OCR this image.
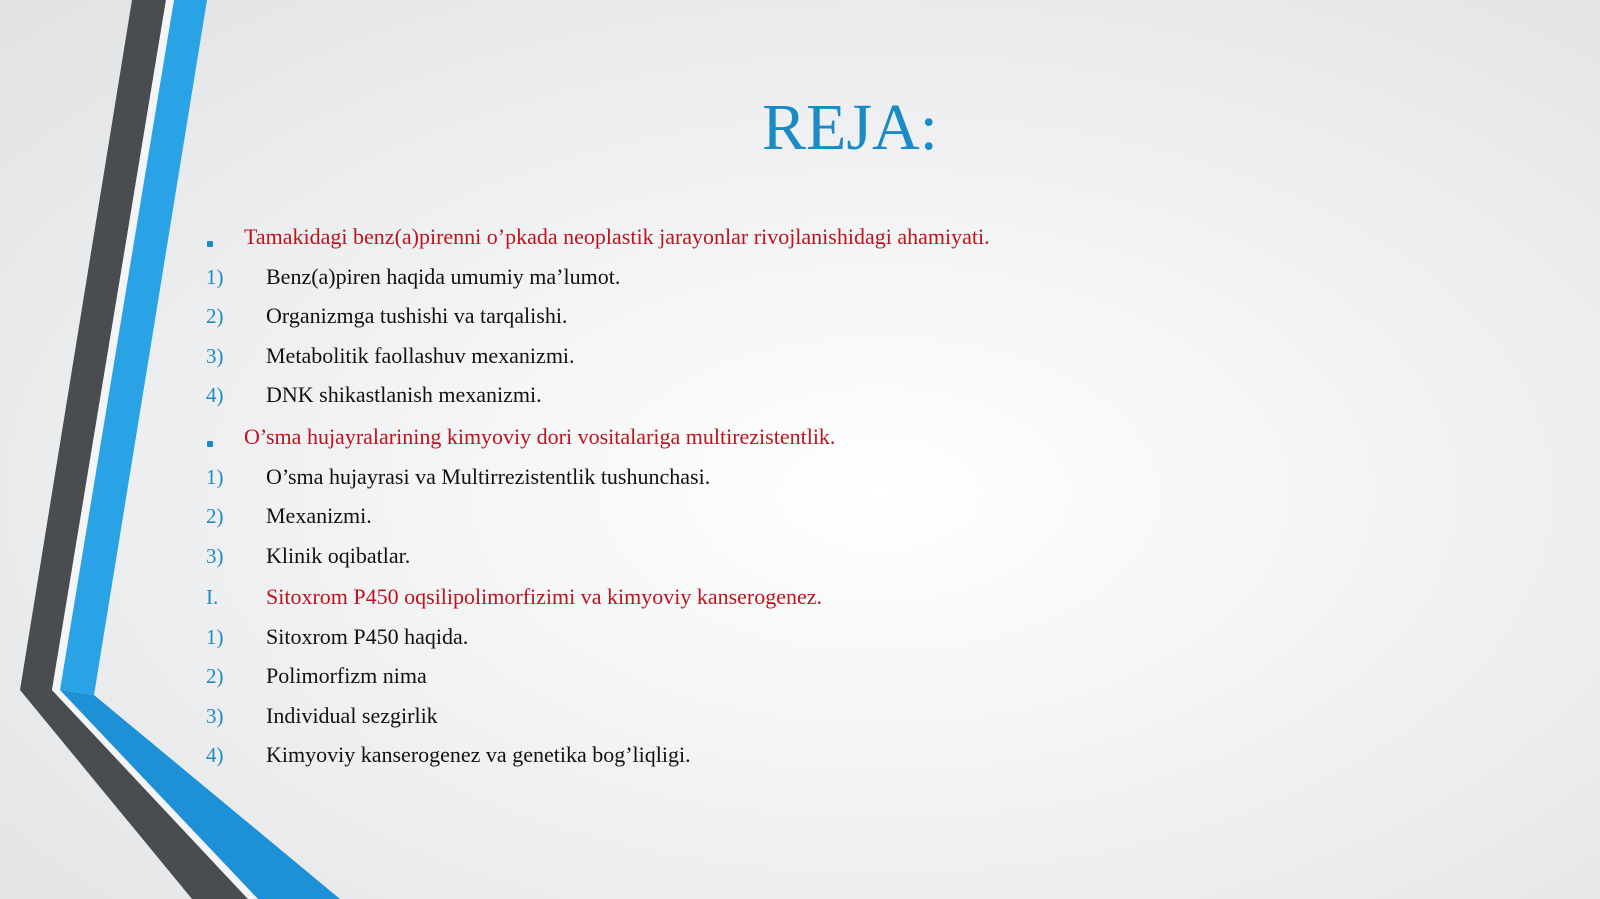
REJA:
Tamakidagi benz(a)pirenni o’pkada neoplastik jarayonlar rivojlanishidagi ahamiyati.
1) Benz(a)piren haqida umumiy ma’lumot.
2) Organizmga tushishi va tarqalishi.
3) Metabolitik faollashuv mexanizmi.
4) DNK shikastlanish mexanizmi.
O’sma hujayralarining kimyoviy dori vositalariga multirezistentlik.
1) O’sma hujayrasi va Multirrezistentlik tushunchasi.
2) Mexanizmi.
3) Klinik oqibatlar.
I. Sitoxrom P450 oqsilipolimorfizimi va kimyoviy kanserogenez.
1) Sitoxrom P450 haqida.
2) Polimorfizm nima
3) Individual sezgirlik
4) Kimyoviy kanserogenez va genetika bog’liqligi.
